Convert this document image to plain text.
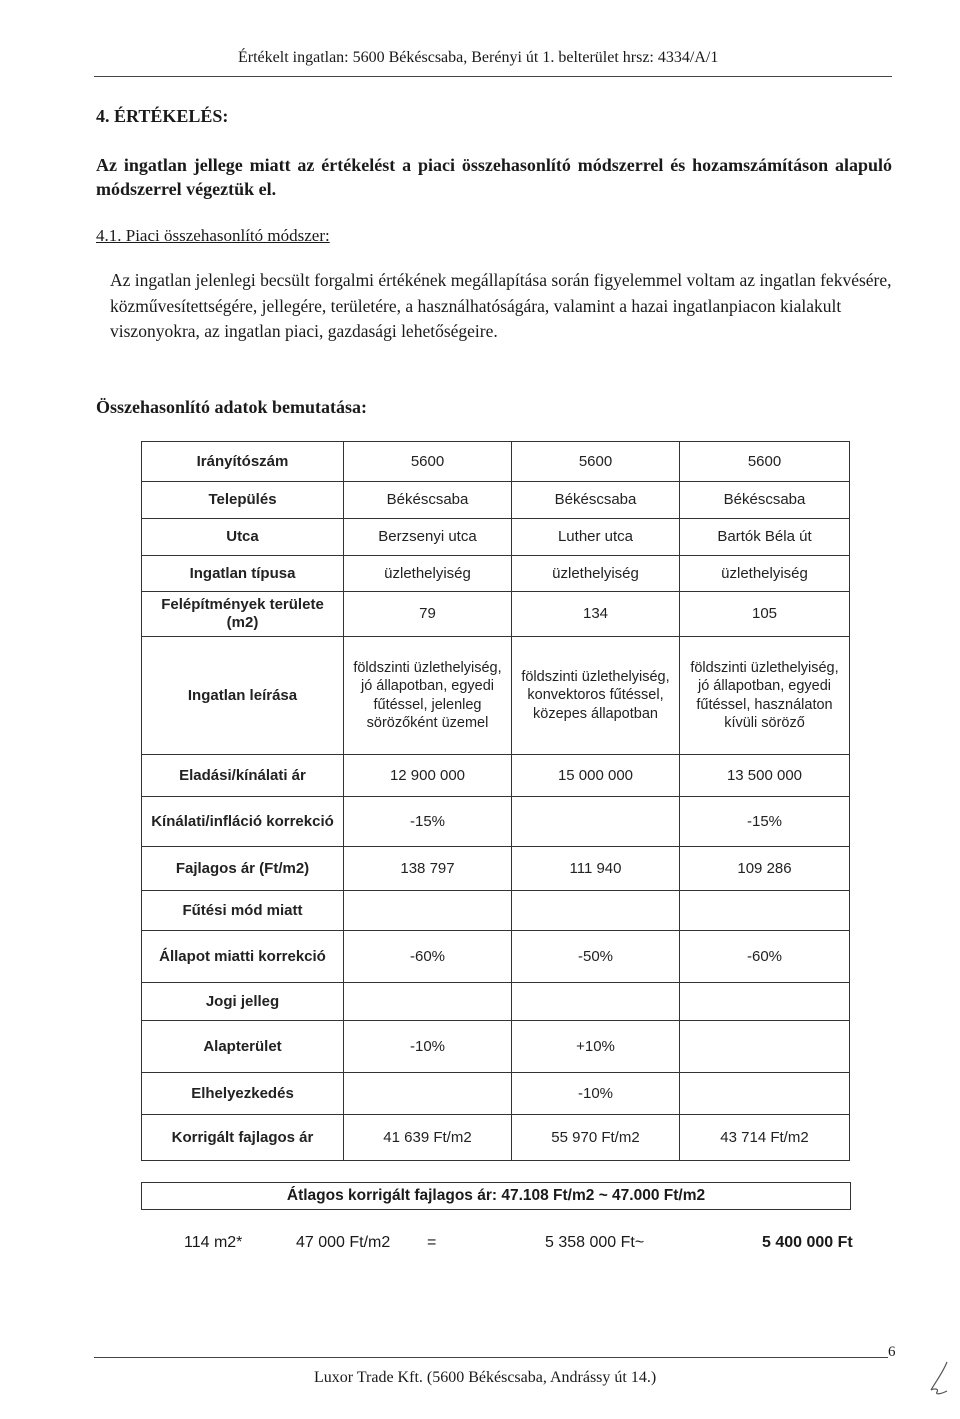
Értékelt ingatlan: 5600 Békéscsaba, Berényi út 1. belterület hrsz: 4334/A/1
4. ÉRTÉKELÉS:
Az ingatlan jellege miatt az értékelést a piaci összehasonlító módszerrel és hozamszámításon alapuló módszerrel végeztük el.
4.1. Piaci összehasonlító módszer:
Az ingatlan jelenlegi becsült forgalmi értékének megállapítása során figyelemmel voltam az ingatlan fekvésére, közművesítettségére, jellegére, területére, a használhatóságára, valamint a hazai ingatlanpiacon kialakult viszonyokra, az ingatlan piaci, gazdasági lehetőségeire.
Összehasonlító adatok bemutatása:
Irányítószám	5600	5600	5600
Település	Békéscsaba	Békéscsaba	Békéscsaba
Utca	Berzsenyi utca	Luther utca	Bartók Béla út
Ingatlan típusa	üzlethelyiség	üzlethelyiség	üzlethelyiség
Felépítmények területe (m2)	79	134	105
Ingatlan leírása	földszinti üzlethelyiség, jó állapotban, egyedi fűtéssel, jelenleg sörözőként üzemel	földszinti üzlethelyiség, konvektoros fűtéssel, közepes állapotban	földszinti üzlethelyiség, jó állapotban, egyedi fűtéssel, használaton kívüli söröző
Eladási/kínálati ár	12 900 000	15 000 000	13 500 000
Kínálati/infláció korrekció	-15%		-15%
Fajlagos ár (Ft/m2)	138 797	111 940	109 286
Fűtési mód miatt			
Állapot miatti korrekció	-60%	-50%	-60%
Jogi jelleg			
Alapterület	-10%	+10%	
Elhelyezkedés		-10%	
Korrigált fajlagos ár	41 639 Ft/m2	55 970 Ft/m2	43 714 Ft/m2
Átlagos korrigált fajlagos ár: 47.108 Ft/m2 ~ 47.000 Ft/m2
114 m2*	47 000 Ft/m2 =	5 358 000 Ft~	5 400 000 Ft
6
Luxor Trade Kft. (5600 Békéscsaba, Andrássy út 14.)
